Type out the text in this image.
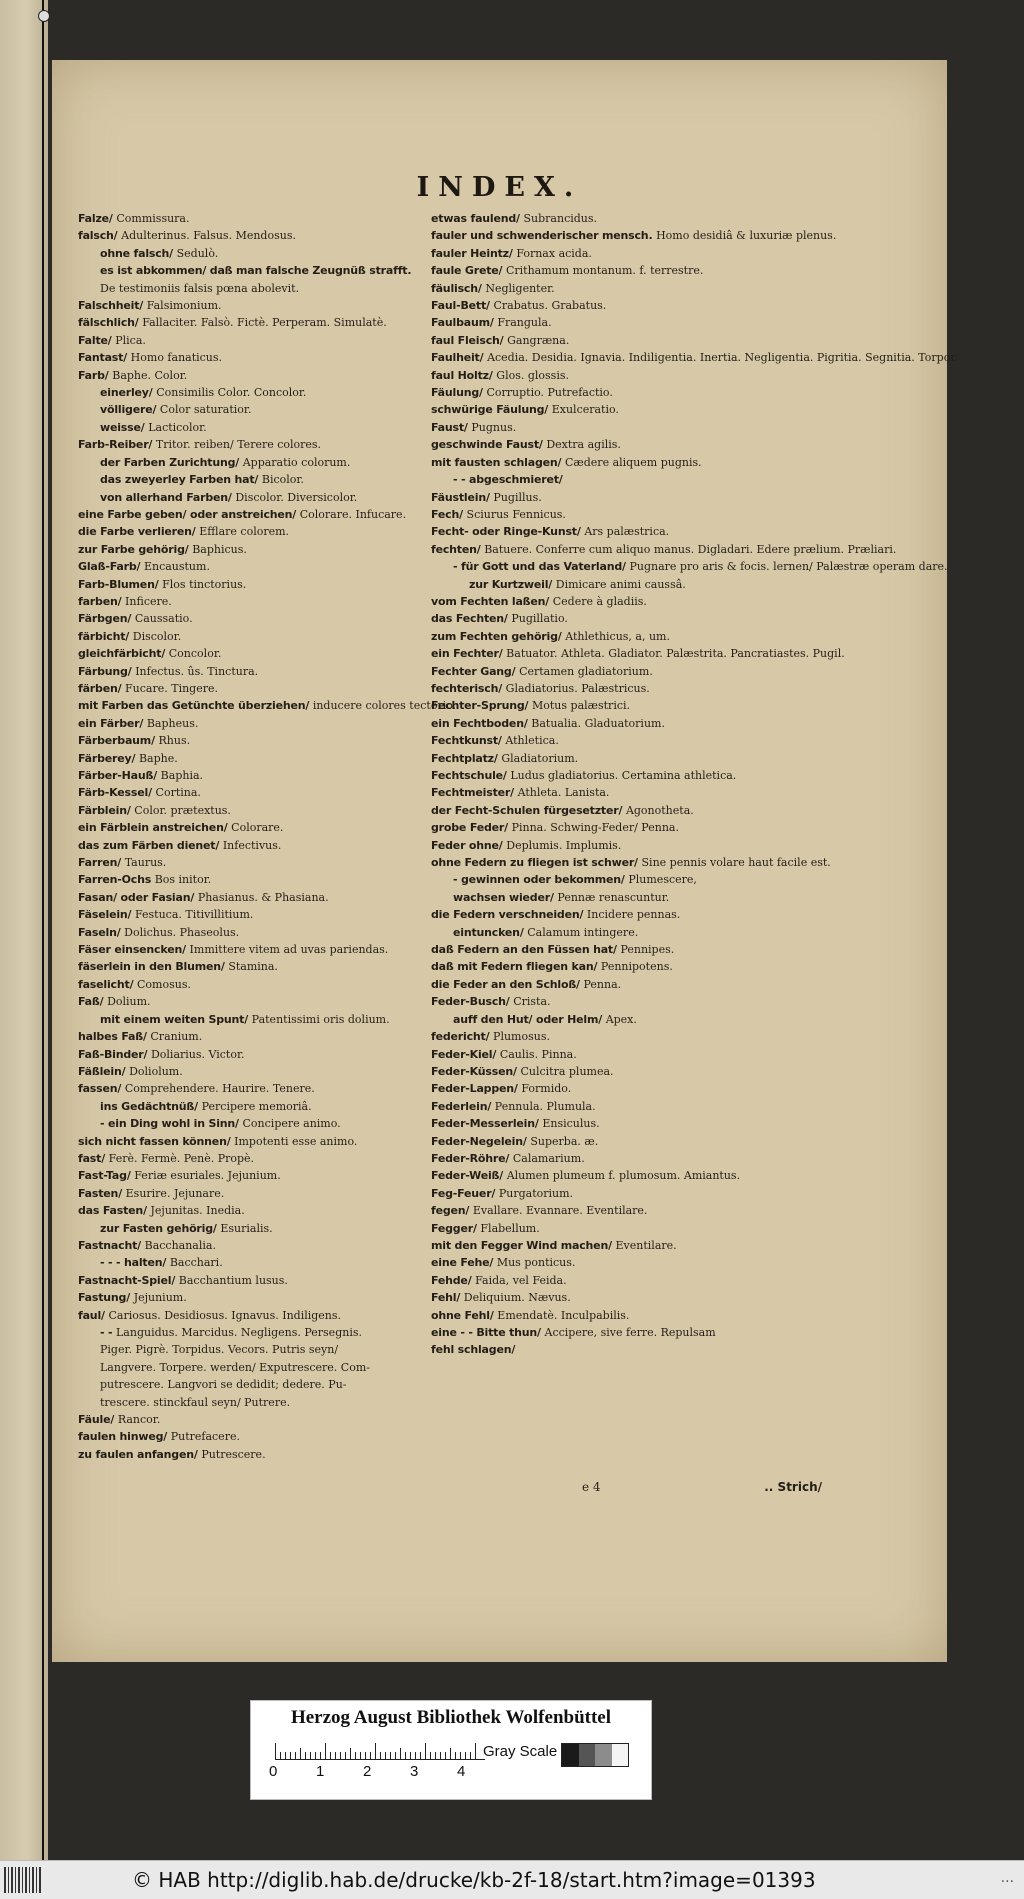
INDEX.
Falze/ Commissura.
falsch/ Adulterinus. Falsus. Mendosus.
ohne falsch/ Sedulò.
es ist abkommen/ daß man falsche Zeugnüß strafft.
De testimoniis falsis pœna abolevit.
Falschheit/ Falsimonium.
fälschlich/ Fallaciter. Falsò. Fictè. Perperam. Simulatè.
Falte/ Plica.
Fantast/ Homo fanaticus.
Farb/ Baphe. Color.
einerley/ Consimilis Color. Concolor.
völligere/ Color saturatior.
weisse/ Lacticolor.
Farb-Reiber/ Tritor. reiben/ Terere colores.
der Farben Zurichtung/ Apparatio colorum.
das zweyerley Farben hat/ Bicolor.
von allerhand Farben/ Discolor. Diversicolor.
eine Farbe geben/ oder anstreichen/ Colorare. Infucare.
die Farbe verlieren/ Efflare colorem.
zur Farbe gehörig/ Baphicus.
Glaß-Farb/ Encaustum.
Farb-Blumen/ Flos tinctorius.
farben/ Inficere.
Färbgen/ Caussatio.
färbicht/ Discolor.
gleichfärbicht/ Concolor.
Färbung/ Infectus. ûs. Tinctura.
färben/ Fucare. Tingere.
mit Farben das Getünchte überziehen/ inducere colores tectorio.
ein Färber/ Bapheus.
Färberbaum/ Rhus.
Färberey/ Baphe.
Färber-Hauß/ Baphia.
Färb-Kessel/ Cortina.
Färblein/ Color. prætextus.
ein Färblein anstreichen/ Colorare.
das zum Färben dienet/ Infectivus.
Farren/ Taurus.
Farren-Ochs Bos initor.
Fasan/ oder Fasian/ Phasianus. & Phasiana.
Fäselein/ Festuca. Titivillitium.
Faseln/ Dolichus. Phaseolus.
Fäser einsencken/ Immittere vitem ad uvas pariendas.
fäserlein in den Blumen/ Stamina.
faselicht/ Comosus.
Faß/ Dolium.
mit einem weiten Spunt/ Patentissimi oris dolium.
halbes Faß/ Cranium.
Faß-Binder/ Doliarius. Victor.
Fäßlein/ Doliolum.
fassen/ Comprehendere. Haurire. Tenere.
ins Gedächtnüß/ Percipere memoriâ.
- ein Ding wohl in Sinn/ Concipere animo.
sich nicht fassen können/ Impotenti esse animo.
fast/ Ferè. Fermè. Penè. Propè.
Fast-Tag/ Feriæ esuriales. Jejunium.
Fasten/ Esurire. Jejunare.
das Fasten/ Jejunitas. Inedia.
zur Fasten gehörig/ Esurialis.
Fastnacht/ Bacchanalia.
- - - halten/ Bacchari.
Fastnacht-Spiel/ Bacchantium lusus.
Fastung/ Jejunium.
faul/ Cariosus. Desidiosus. Ignavus. Indiligens.
- - Languidus. Marcidus. Negligens. Persegnis.
Piger. Pigrè. Torpidus. Vecors. Putris seyn/
Langvere. Torpere. werden/ Exputrescere. Com-
putrescere. Langvori se dedidit; dedere. Pu-
trescere. stinckfaul seyn/ Putrere.
Fäule/ Rancor.
faulen hinweg/ Putrefacere.
zu faulen anfangen/ Putrescere.
etwas faulend/ Subrancidus.
fauler und schwenderischer mensch. Homo desidiâ & luxuriæ plenus.
fauler Heintz/ Fornax acida.
faule Grete/ Crithamum montanum. f. terrestre.
fäulisch/ Negligenter.
Faul-Bett/ Crabatus. Grabatus.
Faulbaum/ Frangula.
faul Fleisch/ Gangræna.
Faulheit/ Acedia. Desidia. Ignavia. Indiligentia. Inertia. Negligentia. Pigritia. Segnitia. Torpor.
faul Holtz/ Glos. glossis.
Fäulung/ Corruptio. Putrefactio.
schwürige Fäulung/ Exulceratio.
Faust/ Pugnus.
geschwinde Faust/ Dextra agilis.
mit fausten schlagen/ Cædere aliquem pugnis.
- - abgeschmieret/
Fäustlein/ Pugillus.
Fech/ Sciurus Fennicus.
Fecht- oder Ringe-Kunst/ Ars palæstrica.
fechten/ Batuere. Conferre cum aliquo manus. Digladari. Edere prælium. Præliari.
- für Gott und das Vaterland/ Pugnare pro aris & focis. lernen/ Palæstræ operam dare.
zur Kurtzweil/ Dimicare animi caussâ.
vom Fechten laßen/ Cedere à gladiis.
das Fechten/ Pugillatio.
zum Fechten gehörig/ Athlethicus, a, um.
ein Fechter/ Batuator. Athleta. Gladiator. Palæstrita. Pancratiastes. Pugil.
Fechter Gang/ Certamen gladiatorium.
fechterisch/ Gladiatorius. Palæstricus.
Fechter-Sprung/ Motus palæstrici.
ein Fechtboden/ Batualia. Gladuatorium.
Fechtkunst/ Athletica.
Fechtplatz/ Gladiatorium.
Fechtschule/ Ludus gladiatorius. Certamina athletica.
Fechtmeister/ Athleta. Lanista.
der Fecht-Schulen fürgesetzter/ Agonotheta.
grobe Feder/ Pinna. Schwing-Feder/ Penna.
Feder ohne/ Deplumis. Implumis.
ohne Federn zu fliegen ist schwer/ Sine pennis volare haut facile est.
- gewinnen oder bekommen/ Plumescere,
wachsen wieder/ Pennæ renascuntur.
die Federn verschneiden/ Incidere pennas.
eintuncken/ Calamum intingere.
daß Federn an den Füssen hat/ Pennipes.
daß mit Federn fliegen kan/ Pennipotens.
die Feder an den Schloß/ Penna.
Feder-Busch/ Crista.
auff den Hut/ oder Helm/ Apex.
federicht/ Plumosus.
Feder-Kiel/ Caulis. Pinna.
Feder-Küssen/ Culcitra plumea.
Feder-Lappen/ Formido.
Federlein/ Pennula. Plumula.
Feder-Messerlein/ Ensiculus.
Feder-Negelein/ Superba. æ.
Feder-Röhre/ Calamarium.
Feder-Weiß/ Alumen plumeum f. plumosum. Amiantus.
Feg-Feuer/ Purgatorium.
fegen/ Evallare. Evannare. Eventilare.
Fegger/ Flabellum.
mit den Fegger Wind machen/ Eventilare.
eine Fehe/ Mus ponticus.
Fehde/ Faida, vel Feida.
Fehl/ Deliquium. Nævus.
ohne Fehl/ Emendatè. Inculpabilis.
eine - - Bitte thun/ Accipere, sive ferre. Repulsam
fehl schlagen/
e 4	.. Strich/
Herzog August Bibliothek Wolfenbüttel
0	1	2	3	4
Gray Scale
© HAB http://diglib.hab.de/drucke/kb-2f-18/start.htm?image=01393	...
